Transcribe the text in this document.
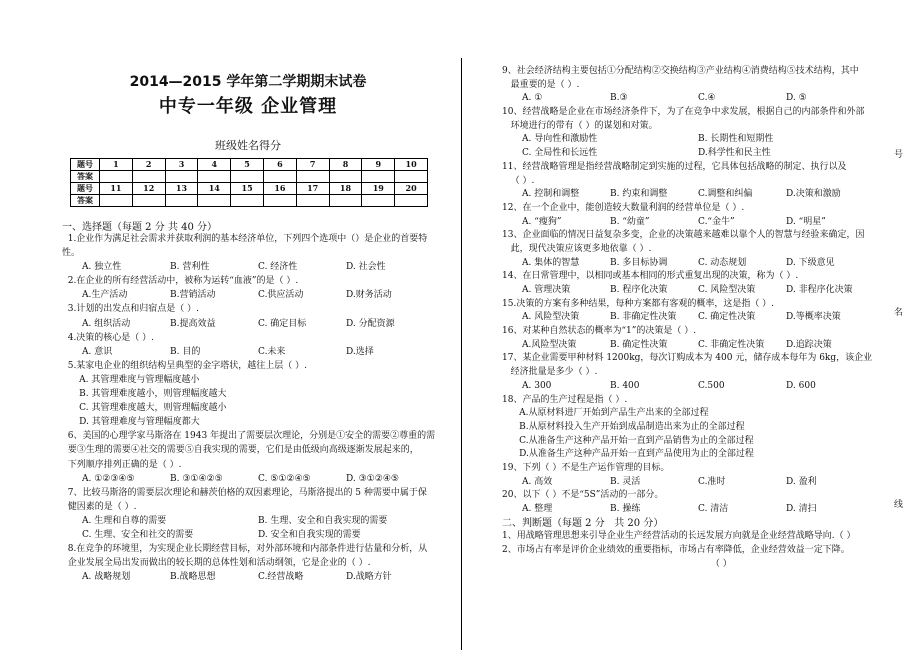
2014—2015 学年第二学期期末试卷
中专一年级 企业管理
班级姓名得分
题号	1	2	3	4	5	6	7	8	9	10
答案										
题号	11	12	13	14	15	16	17	18	19	20
答案										
一、选择题（每题 2 分 共 40 分）
1.企业作为满足社会需求并获取利润的基本经济单位，下列四个选项中（）是企业的首要特
性。
A. 独立性	B. 营利性	C. 经济性	D. 社会性
2.在企业的所有经营活动中，被称为运转“血液”的是（ ）.
A.生产活动	B.营销活动	C.供应活动	D.财务活动
3.计划的出发点和归宿点是（ ）.
A. 组织活动	B.提高效益	C. 确定目标	D. 分配资源
4.决策的核心是（ ）.
A. 意识	B. 目的	C.未来	D.选择
5.某家电企业的组织结构呈典型的金字塔状，越往上层（ ）.
A. 其管理难度与管理幅度越小
B. 其管理难度越小，则管理幅度越大
C. 其管理难度越大，则管理幅度越小
D. 其管理难度与管理幅度都大
6、美国的心理学家马斯洛在 1943 年提出了需要层次理论，分别是①安全的需要②尊重的需
要③生理的需要④社交的需要⑤自我实现的需要，它们是由低级向高级逐渐发展起来的，
下列顺序排列正确的是（ ）.
A. ①②③④⑤	B. ③①④②⑤	C. ⑤①②④⑤	D. ③①②④⑤
7、比较马斯洛的需要层次理论和赫茨伯格的双因素理论，马斯洛提出的 5 种需要中属于保
健因素的是（ ）.
A. 生理和自尊的需要	B. 生理、安全和自我实现的需要
C. 生理、安全和社交的需要	D. 安全和自我实现的需要
8.在竞争的环境里，为实现企业长期经营目标，对外部环境和内部条件进行估量和分析，从
企业发展全局出发而做出的较长期的总体性划和活动纲领，它是企业的（ ）.
A. 战略规划	B.战略思想	C.经营战略	D.战略方针
9、社会经济结构主要包括①分配结构②交换结构③产业结构④消费结构⑤技术结构，其中
最重要的是（ ）.
A. ①	B.③	C.④	D. ⑤
10、经营战略是企业在市场经济条件下，为了在竞争中求发展，根据自己的内部条件和外部
环境进行的带有（ ）的谋划和对策。
A. 导向性和激励性	B. 长期性和短期性
C. 全局性和长远性	D.科学性和民主性
11、经营战略管理是指经营战略制定到实施的过程，它具体包括战略的制定、执行以及
（ ）.
A. 控制和调整	B. 约束和调整	C.调整和纠偏	D.决策和激励
12、在一个企业中，能创造较大数量利润的经营单位是（ ）.
A. “瘦狗”	B. “幼童”	C.“金牛”	D. “明星”
13、企业面临的情况日益复杂多变，企业的决策越来越难以靠个人的智慧与经验来确定，因
此，现代决策应该更多地依靠（ ）.
A. 集体的智慧	B. 多目标协调	C. 动态规划	D. 下级意见
14、在日常管理中，以相同或基本相同的形式重复出现的决策，称为（ ）.
A. 管理决策	B. 程序化决策	C. 风险型决策	D. 非程序化决策
15.决策的方案有多种结果，每种方案都有客观的概率，这是指（ ）.
A. 风险型决策	B. 非确定性决策	C. 确定性决策	D.等概率决策
16、对某种自然状态的概率为“1”的决策是（ ）.
A.风险型决策	B. 确定性决策	C. 非确定性决策	D.追踪决策
17、某企业需要甲种材料 1200kg，每次订购成本为 400 元，储存成本每年为 6kg，该企业
经济批量是多少（ ）.
A. 300	B. 400	C.500	D. 600
18、产品的生产过程是指（ ）.
A.从原材料进厂开始到产品生产出来的全部过程
B.从原材料投入生产开始到成品制造出来为止的全部过程
C.从准备生产这种产品开始一直到产品销售为止的全部过程
D.从准备生产这种产品开始一直到产品使用为止的全部过程
19、下列（ ）不是生产运作管理的目标。
A. 高效	B. 灵活	C.准时	D. 盈利
20、以下（ ）不是“5S”活动的一部分。
A. 整理	B. 操练	C. 清洁	D. 清扫
二、判断题（每题 2 分   共 20 分）
1、用战略管理思想来引导企业生产经营活动的长远发展方向就是企业经营战略导向.（ ）
2、市场占有率是评价企业绩效的重要指标，市场占有率降低，企业经营效益一定下降。
（ ）
号
名
线
